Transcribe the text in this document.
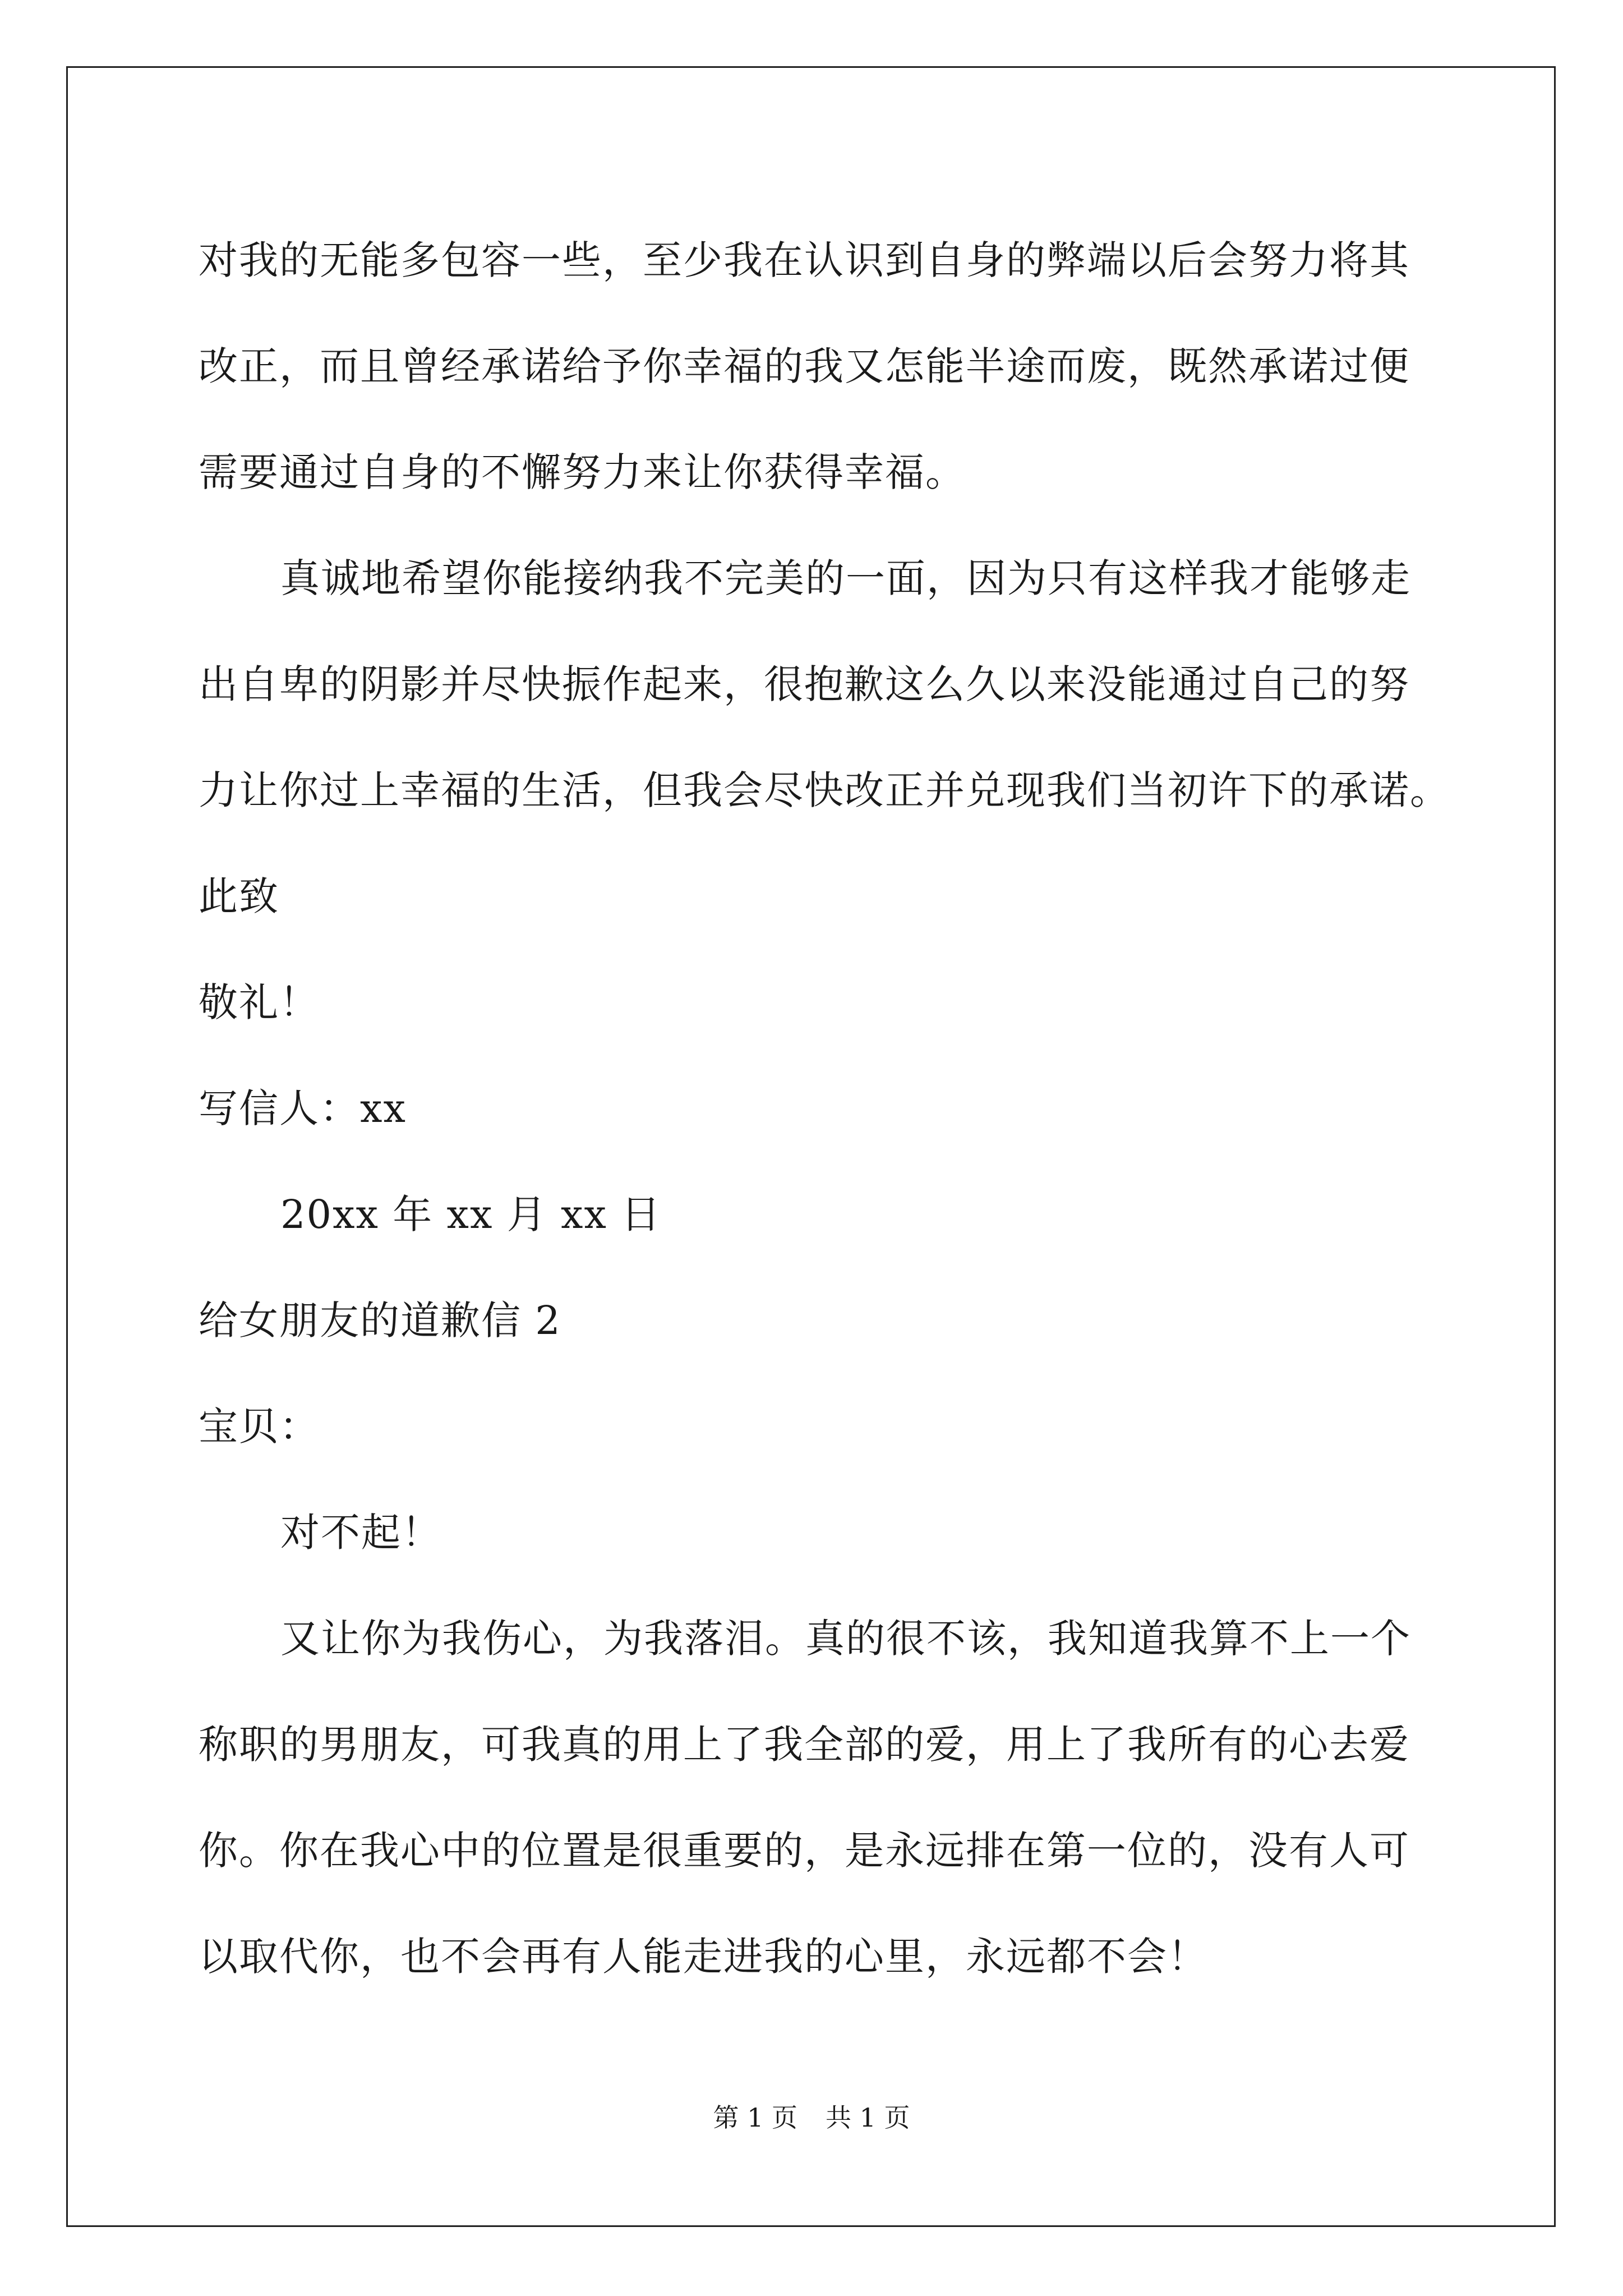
对我的无能多包容一些，至少我在认识到自身的弊端以后会努力将其
改正，而且曾经承诺给予你幸福的我又怎能半途而废，既然承诺过便
需要通过自身的不懈努力来让你获得幸福。
真诚地希望你能接纳我不完美的一面，因为只有这样我才能够走
出自卑的阴影并尽快振作起来，很抱歉这么久以来没能通过自己的努
力让你过上幸福的生活，但我会尽快改正并兑现我们当初许下的承诺。
此致
敬礼！
写信人：xx
20xx 年 xx 月 xx 日
给女朋友的道歉信 2
宝贝：
对不起！
又让你为我伤心，为我落泪。真的很不该，我知道我算不上一个
称职的男朋友，可我真的用上了我全部的爱，用上了我所有的心去爱
你。你在我心中的位置是很重要的，是永远排在第一位的，没有人可
以取代你，也不会再有人能走进我的心里，永远都不会！
第 1 页 共 1 页
